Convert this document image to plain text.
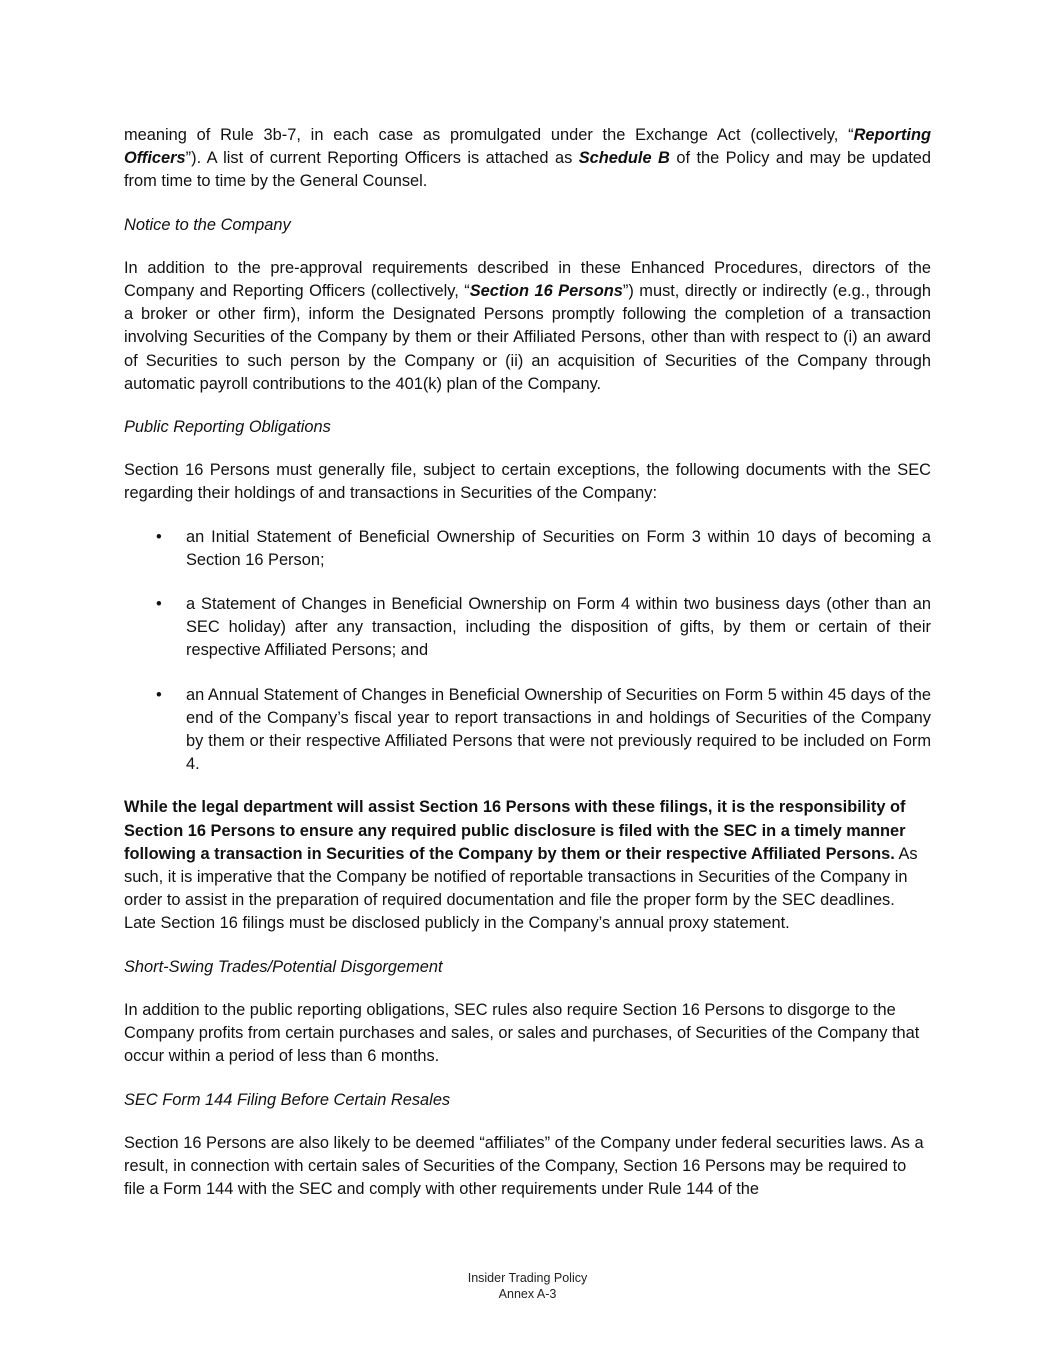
meaning of Rule 3b-7, in each case as promulgated under the Exchange Act (collectively, “Reporting Officers”). A list of current Reporting Officers is attached as Schedule B of the Policy and may be updated from time to time by the General Counsel.

Notice to the Company

In addition to the pre-approval requirements described in these Enhanced Procedures, directors of the Company and Reporting Officers (collectively, “Section 16 Persons”) must, directly or indirectly (e.g., through a broker or other firm), inform the Designated Persons promptly following the completion of a transaction involving Securities of the Company by them or their Affiliated Persons, other than with respect to (i) an award of Securities to such person by the Company or (ii) an acquisition of Securities of the Company through automatic payroll contributions to the 401(k) plan of the Company.

Public Reporting Obligations

Section 16 Persons must generally file, subject to certain exceptions, the following documents with the SEC regarding their holdings of and transactions in Securities of the Company:

• an Initial Statement of Beneficial Ownership of Securities on Form 3 within 10 days of becoming a Section 16 Person;
• a Statement of Changes in Beneficial Ownership on Form 4 within two business days (other than an SEC holiday) after any transaction, including the disposition of gifts, by them or certain of their respective Affiliated Persons; and
• an Annual Statement of Changes in Beneficial Ownership of Securities on Form 5 within 45 days of the end of the Company’s fiscal year to report transactions in and holdings of Securities of the Company by them or their respective Affiliated Persons that were not previously required to be included on Form 4.

While the legal department will assist Section 16 Persons with these filings, it is the responsibility of Section 16 Persons to ensure any required public disclosure is filed with the SEC in a timely manner following a transaction in Securities of the Company by them or their respective Affiliated Persons. As such, it is imperative that the Company be notified of reportable transactions in Securities of the Company in order to assist in the preparation of required documentation and file the proper form by the SEC deadlines. Late Section 16 filings must be disclosed publicly in the Company’s annual proxy statement.

Short-Swing Trades/Potential Disgorgement

In addition to the public reporting obligations, SEC rules also require Section 16 Persons to disgorge to the Company profits from certain purchases and sales, or sales and purchases, of Securities of the Company that occur within a period of less than 6 months.

SEC Form 144 Filing Before Certain Resales

Section 16 Persons are also likely to be deemed “affiliates” of the Company under federal securities laws. As a result, in connection with certain sales of Securities of the Company, Section 16 Persons may be required to file a Form 144 with the SEC and comply with other requirements under Rule 144 of the

Insider Trading Policy
Annex A-3
